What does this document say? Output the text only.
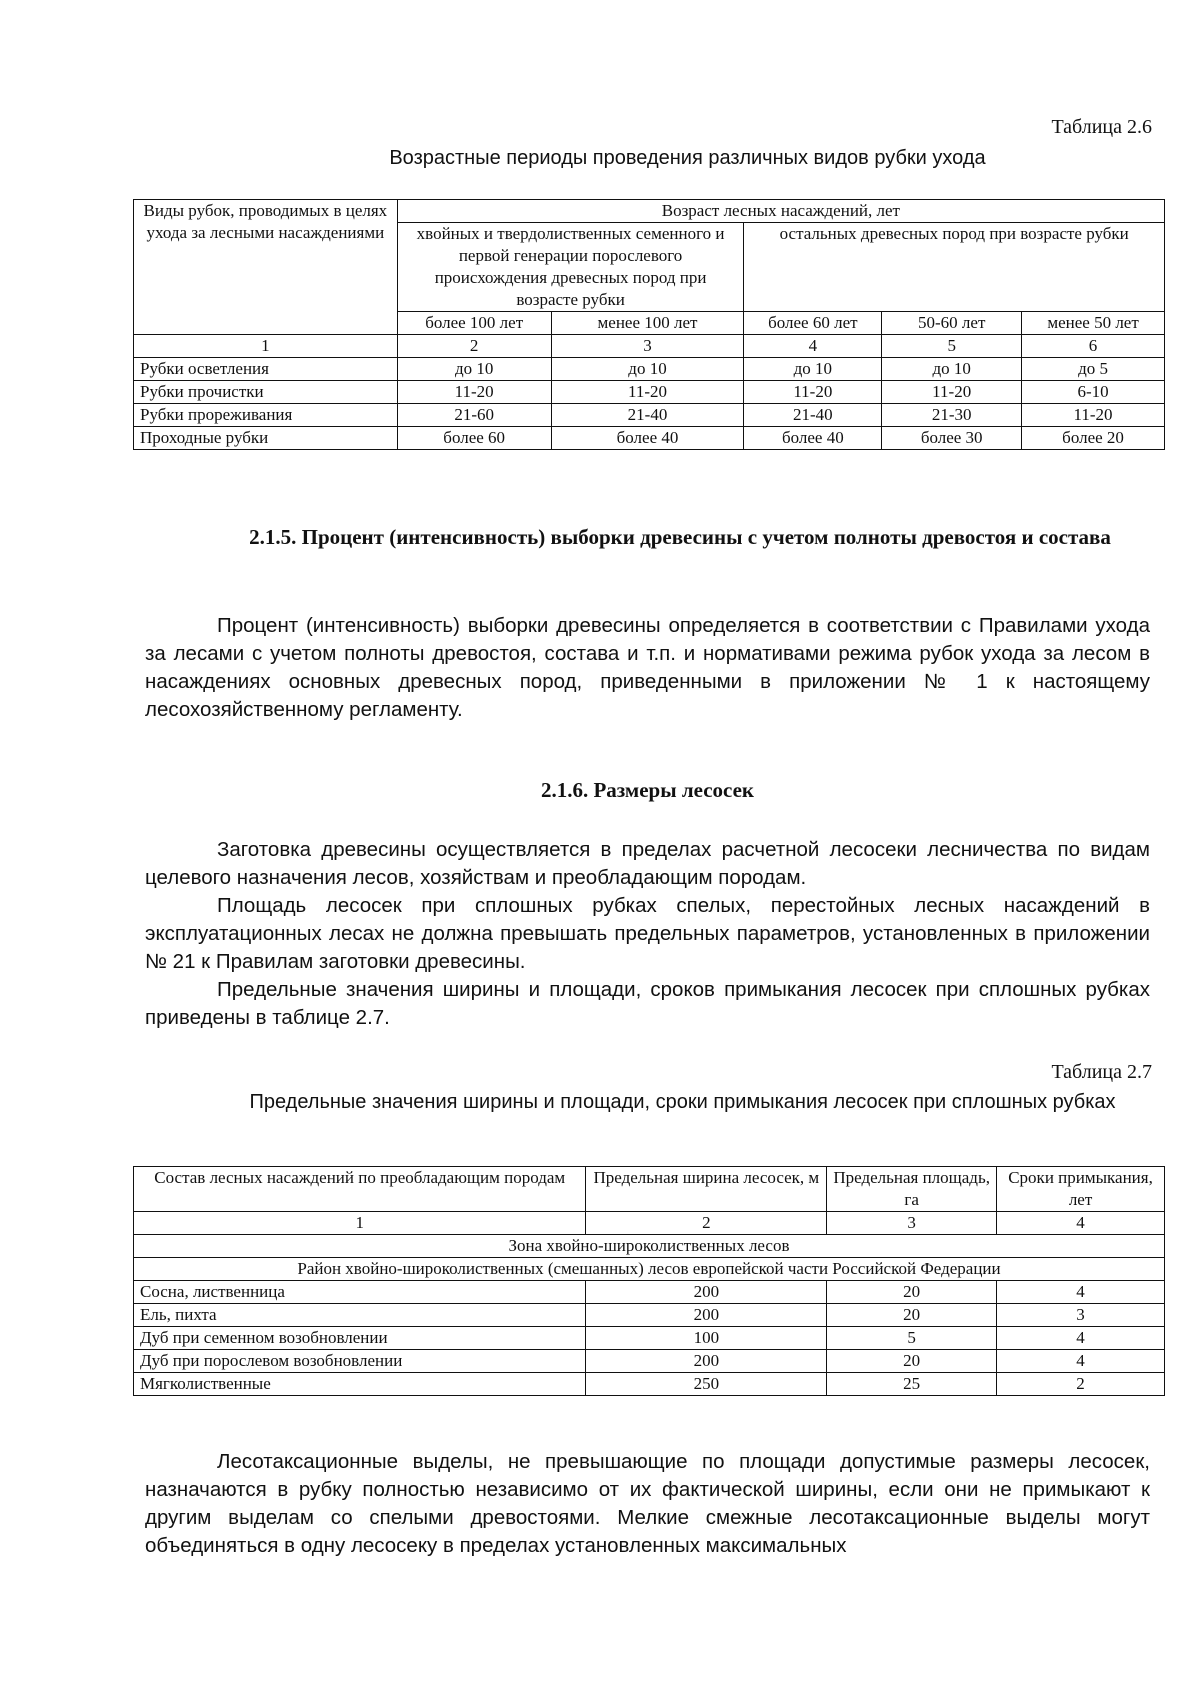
Таблица 2.6
Возрастные периоды проведения различных видов рубки ухода
Виды рубок, проводимых в целях ухода за лесными насаждениями	Возраст лесных насаждений, лет				
	хвойных и твердолиственных семенного и первой генерации порослевого происхождения древесных пород при возрасте рубки		остальных древесных пород при возрасте рубки		
	более 100 лет	менее 100 лет	более 60 лет	50-60 лет	менее 50 лет
1	2	3	4	5	6
Рубки осветления	до 10	до 10	до 10	до 10	до 5
Рубки прочистки	11-20	11-20	11-20	11-20	6-10
Рубки прореживания	21-60	21-40	21-40	21-30	11-20
Проходные рубки	более 60	более 40	более 40	более 30	более 20
2.1.5. Процент (интенсивность) выборки древесины с учетом полноты древостоя и состава
Процент (интенсивность) выборки древесины определяется в соответствии с Правилами ухода за лесами с учетом полноты древостоя, состава и т.п. и нормативами режима рубок ухода за лесом в насаждениях основных древесных пород, приведенными в приложении № 1 к настоящему лесохозяйственному регламенту.
2.1.6. Размеры лесосек
Заготовка древесины осуществляется в пределах расчетной лесосеки лесничества по видам целевого назначения лесов, хозяйствам и преобладающим породам.
Площадь лесосек при сплошных рубках спелых, перестойных лесных насаждений в эксплуатационных лесах не должна превышать предельных параметров, установленных в приложении № 21 к Правилам заготовки древесины.
Предельные значения ширины и площади, сроков примыкания лесосек при сплошных рубках приведены в таблице 2.7.
Таблица 2.7
Предельные значения ширины и площади, сроки примыкания лесосек при сплошных рубках
Состав лесных насаждений по преобладающим породам	Предельная ширина лесосек, м	Предельная площадь, га	Сроки примыкания, лет
1	2	3	4
Зона хвойно-широколиственных лесов			
Район хвойно-широколиственных (смешанных) лесов европейской части Российской Федерации			
Сосна, лиственница	200	20	4
Ель, пихта	200	20	3
Дуб при семенном возобновлении	100	5	4
Дуб при порослевом возобновлении	200	20	4
Мягколиственные	250	25	2
Лесотаксационные выделы, не превышающие по площади допустимые размеры лесосек, назначаются в рубку полностью независимо от их фактической ширины, если они не примыкают к другим выделам со спелыми древостоями. Мелкие смежные лесотаксационные выделы могут объединяться в одну лесосеку в пределах установленных максимальных
